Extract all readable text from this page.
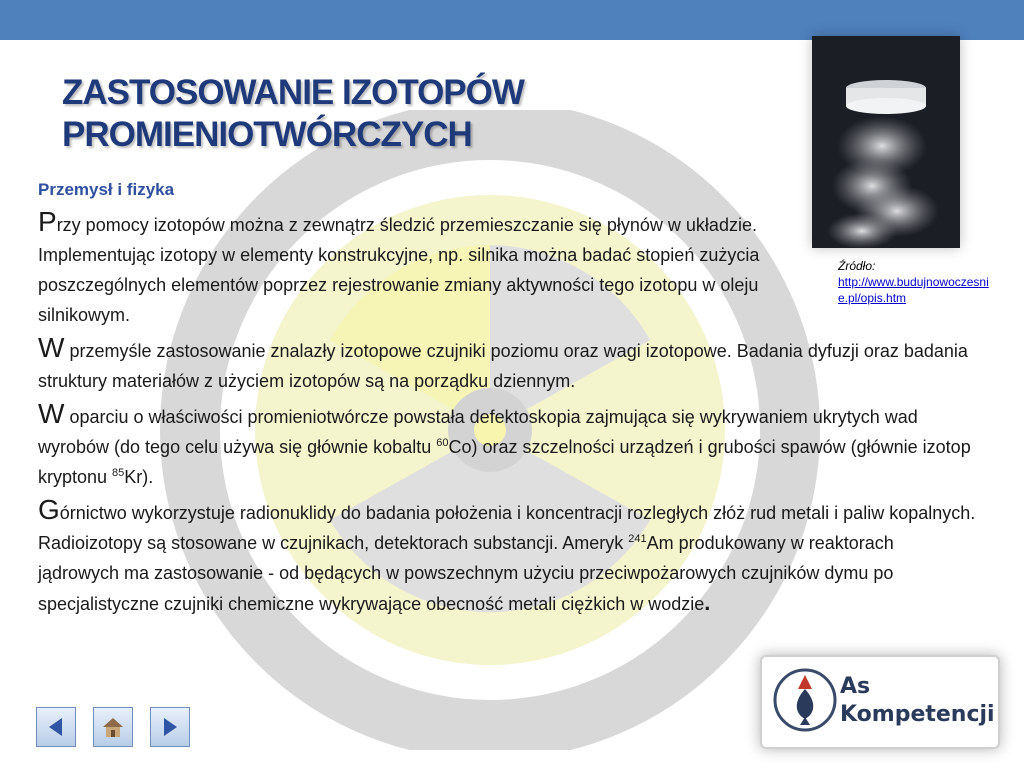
ZASTOSOWANIE IZOTOPÓW
PROMIENIOTWÓRCZYCH
Przemysł i fizyka

Przy pomocy izotopów można z zewnątrz śledzić przemieszczanie się płynów w układzie. Implementując izotopy w elementy konstrukcyjne, np. silnika można badać stopień zużycia poszczególnych elementów poprzez rejestrowanie zmiany aktywności tego izotopu w oleju silnikowym.

W przemyśle zastosowanie znalazły izotopowe czujniki poziomu oraz wagi izotopowe. Badania dyfuzji oraz badania struktury materiałów z użyciem izotopów są na porządku dziennym.

W oparciu o właściwości promieniotwórcze powstała defektoskopia zajmująca się wykrywaniem ukrytych wad wyrobów (do tego celu używa się głównie kobaltu $^{60}$Co) oraz szczelności urządzeń i grubości spawów (głównie izotop kryptonu $^{85}$Kr).

Górnictwo wykorzystuje radionuklidy do badania położenia i koncentracji rozległych złóż rud metali i paliw kopalnych. Radioizotopy są stosowane w czujnikach, detektorach substancji. Ameryk $^{241}$Am produkowany w reaktorach jądrowych ma zastosowanie - od będących w powszechnym użyciu przeciwpożarowych czujników dymu po specjalistyczne czujniki chemiczne wykrywające obecność metali ciężkich w wodzie.

Źródło:
http://www.budujnowoczesnie.pl/opis.htm
As
Kompetencji
